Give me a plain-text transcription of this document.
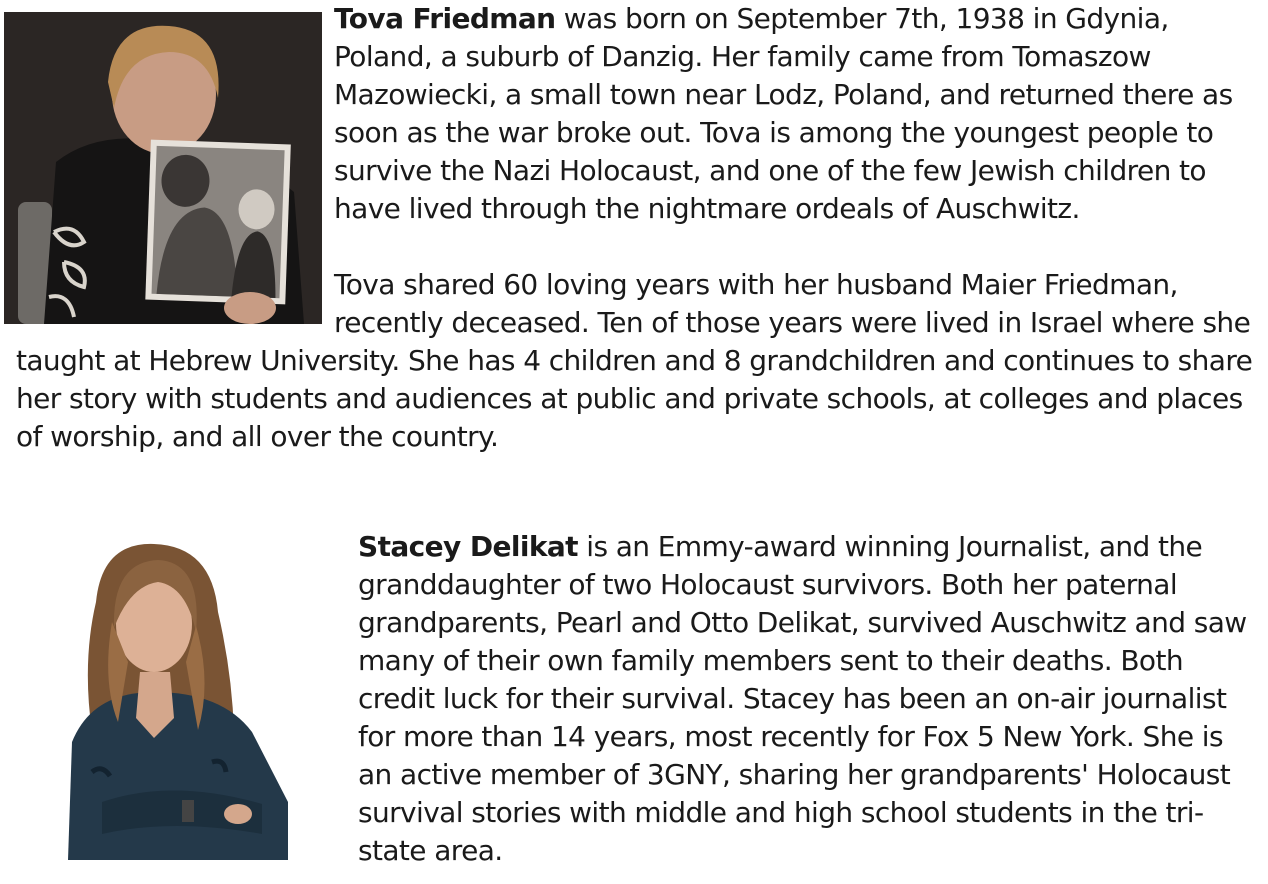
Tova Friedman was born on September 7th, 1938 in Gdynia, Poland, a suburb of Danzig. Her family came from Tomaszow Mazowiecki, a small town near Lodz, Poland, and returned there as soon as the war broke out. Tova is among the youngest people to survive the Nazi Holocaust, and one of the few Jewish children to have lived through the nightmare ordeals of Auschwitz.

Tova shared 60 loving years with her husband Maier Friedman, recently deceased. Ten of those years were lived in Israel where she taught at Hebrew University. She has 4 children and 8 grandchildren and continues to share her story with students and audiences at public and private schools, at colleges and places of worship, and all over the country.

Stacey Delikat is an Emmy-award winning Journalist, and the granddaughter of two Holocaust survivors. Both her paternal grandparents, Pearl and Otto Delikat, survived Auschwitz and saw many of their own family members sent to their deaths. Both credit luck for their survival. Stacey has been an on-air journalist for more than 14 years, most recently for Fox 5 New York. She is an active member of 3GNY, sharing her grandparents' Holocaust survival stories with middle and high school students in the tri-state area.
